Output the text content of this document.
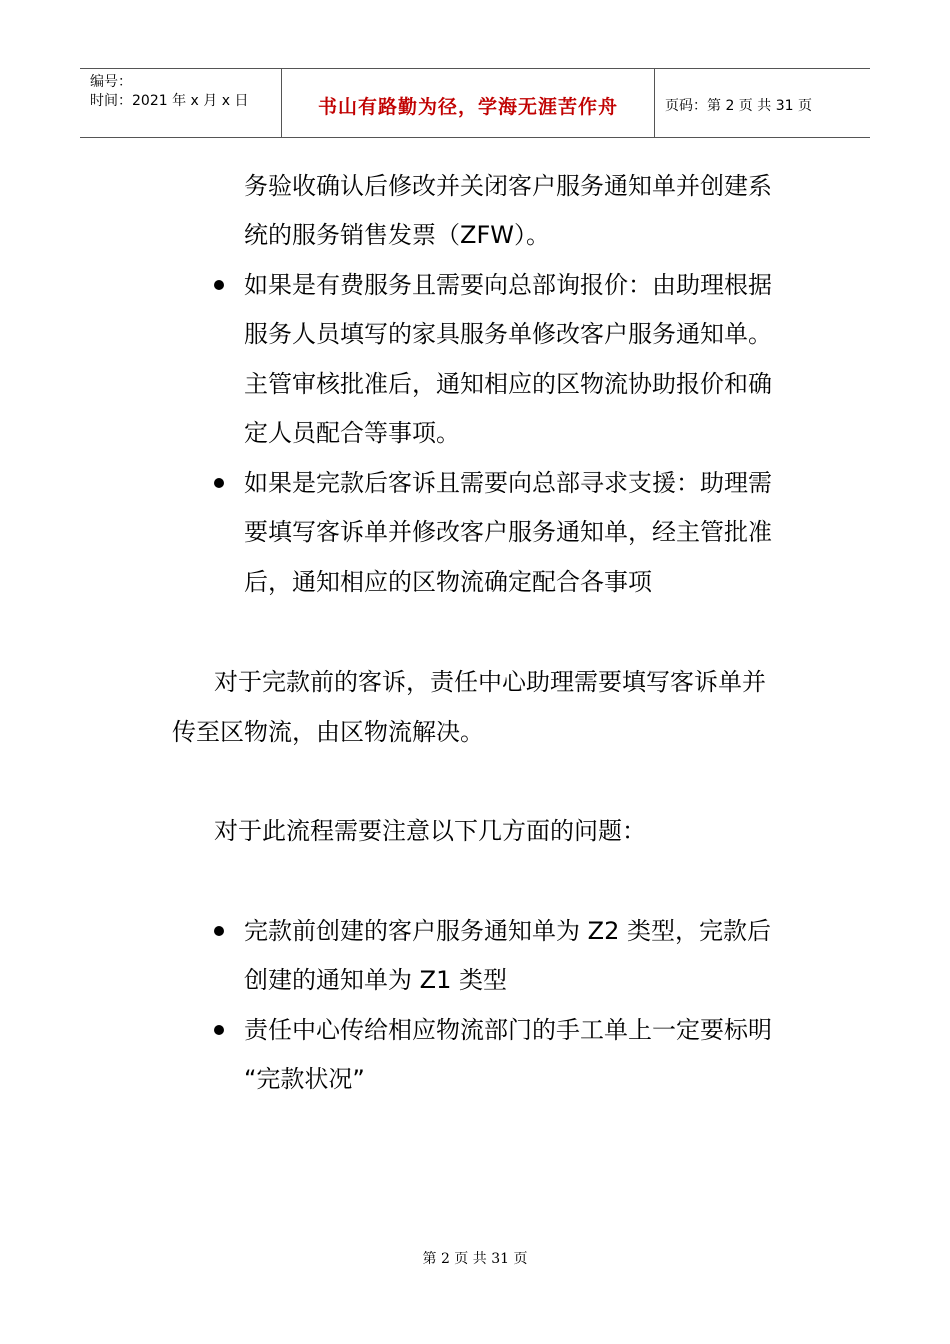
编号：
时间：2021 年 x 月 x 日	书山有路勤为径，学海无涯苦作舟	页码：第 2 页 共 31 页
务验收确认后修改并关闭客户服务通知单并创建系
统的服务销售发票（ZFW）。
如果是有费服务且需要向总部询报价：由助理根据
服务人员填写的家具服务单修改客户服务通知单。
主管审核批准后，通知相应的区物流协助报价和确
定人员配合等事项。
如果是完款后客诉且需要向总部寻求支援：助理需
要填写客诉单并修改客户服务通知单，经主管批准
后，通知相应的区物流确定配合各事项
对于完款前的客诉，责任中心助理需要填写客诉单并
传至区物流，由区物流解决。
对于此流程需要注意以下几方面的问题：
完款前创建的客户服务通知单为 Z2 类型，完款后
创建的通知单为 Z1 类型
责任中心传给相应物流部门的手工单上一定要标明
“完款状况”
第 2 页 共 31 页
